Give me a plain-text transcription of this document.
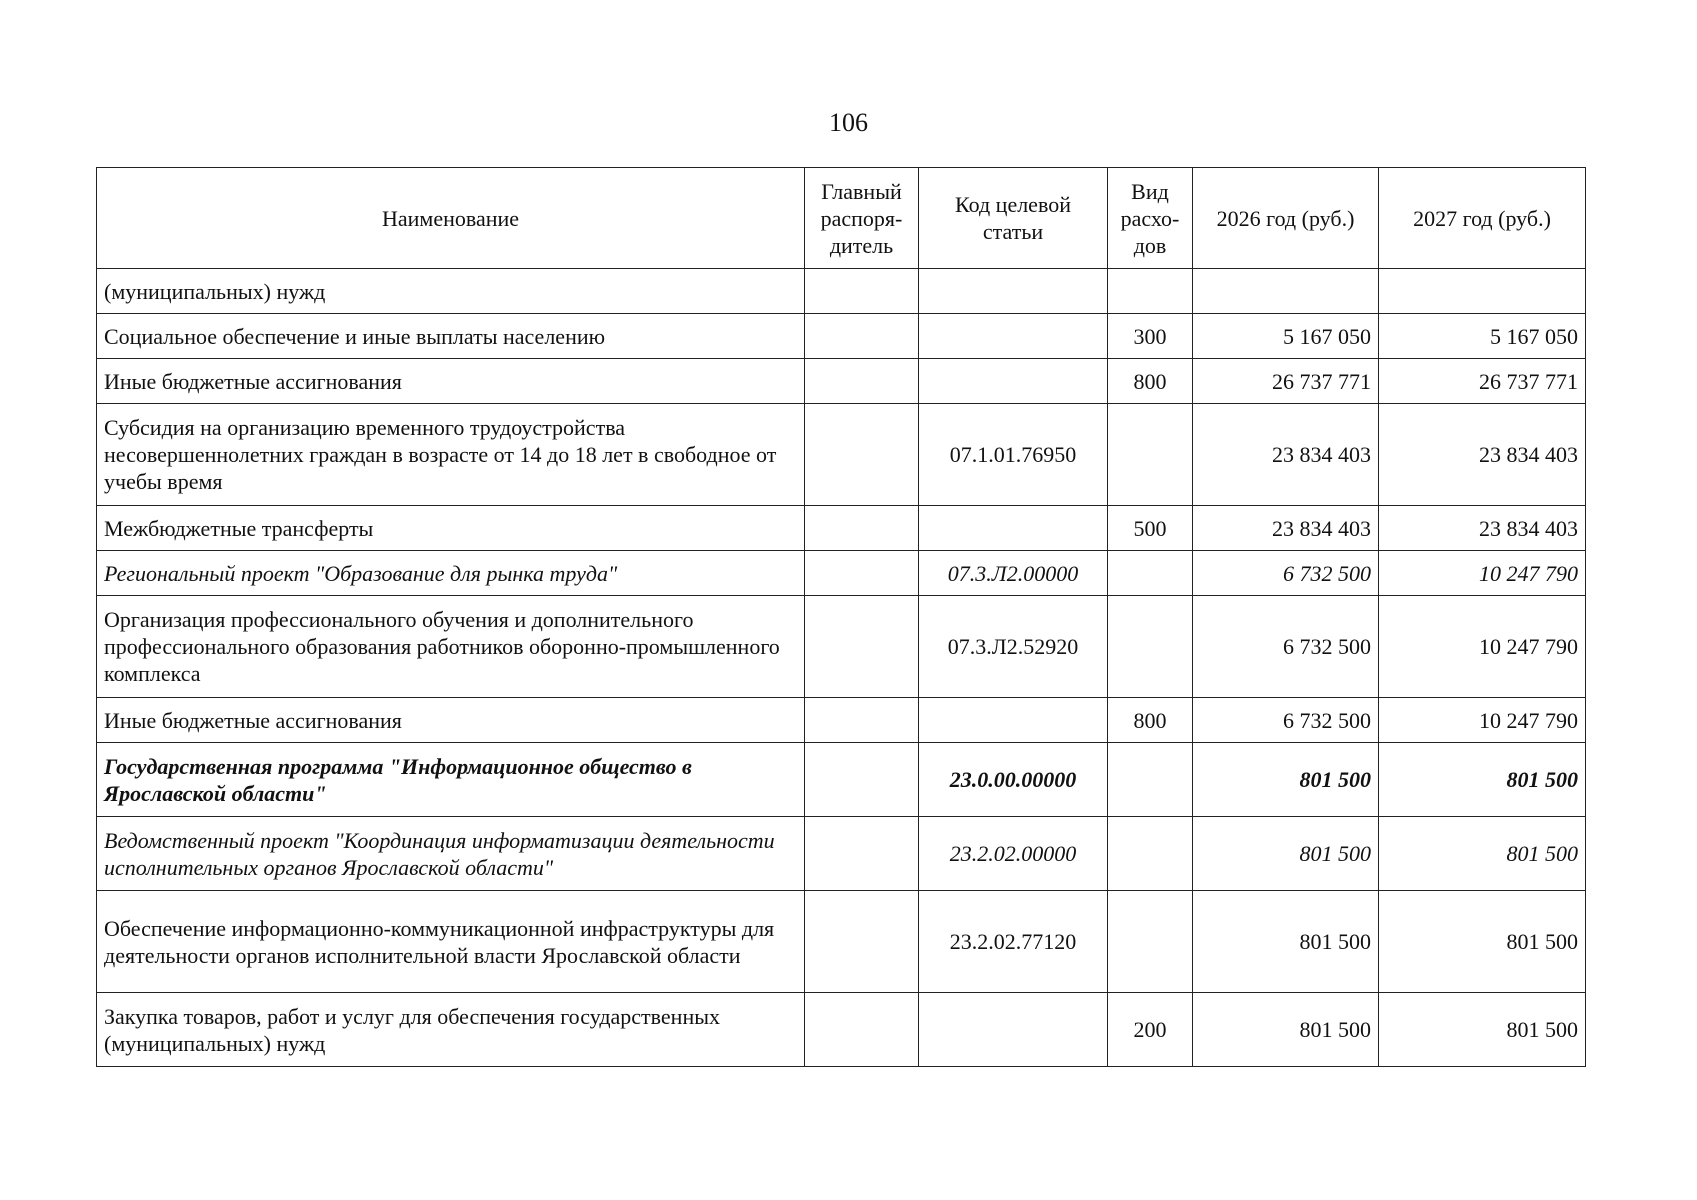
106
Наименование	Главный распоря-дитель	Код целевой статьи	Вид расхо-дов	2026 год (руб.)	2027 год (руб.)
(муниципальных) нужд					
Социальное обеспечение и иные выплаты населению			300	5 167 050	5 167 050
Иные бюджетные ассигнования			800	26 737 771	26 737 771
Субсидия на организацию временного трудоустройства несовершеннолетних граждан в возрасте от 14 до 18 лет в свободное от учебы время		07.1.01.76950		23 834 403	23 834 403
Межбюджетные трансферты			500	23 834 403	23 834 403
Региональный проект "Образование для рынка труда"		07.3.Л2.00000		6 732 500	10 247 790
Организация профессионального обучения и дополнительного профессионального образования работников оборонно-промышленного комплекса		07.3.Л2.52920		6 732 500	10 247 790
Иные бюджетные ассигнования			800	6 732 500	10 247 790
Государственная программа "Информационное общество в Ярославской области"		23.0.00.00000		801 500	801 500
Ведомственный проект "Координация информатизации деятельности исполнительных органов Ярославской области"		23.2.02.00000		801 500	801 500
Обеспечение информационно-коммуникационной инфраструктуры для деятельности органов исполнительной власти Ярославской области		23.2.02.77120		801 500	801 500
Закупка товаров, работ и услуг для обеспечения государственных (муниципальных) нужд			200	801 500	801 500
